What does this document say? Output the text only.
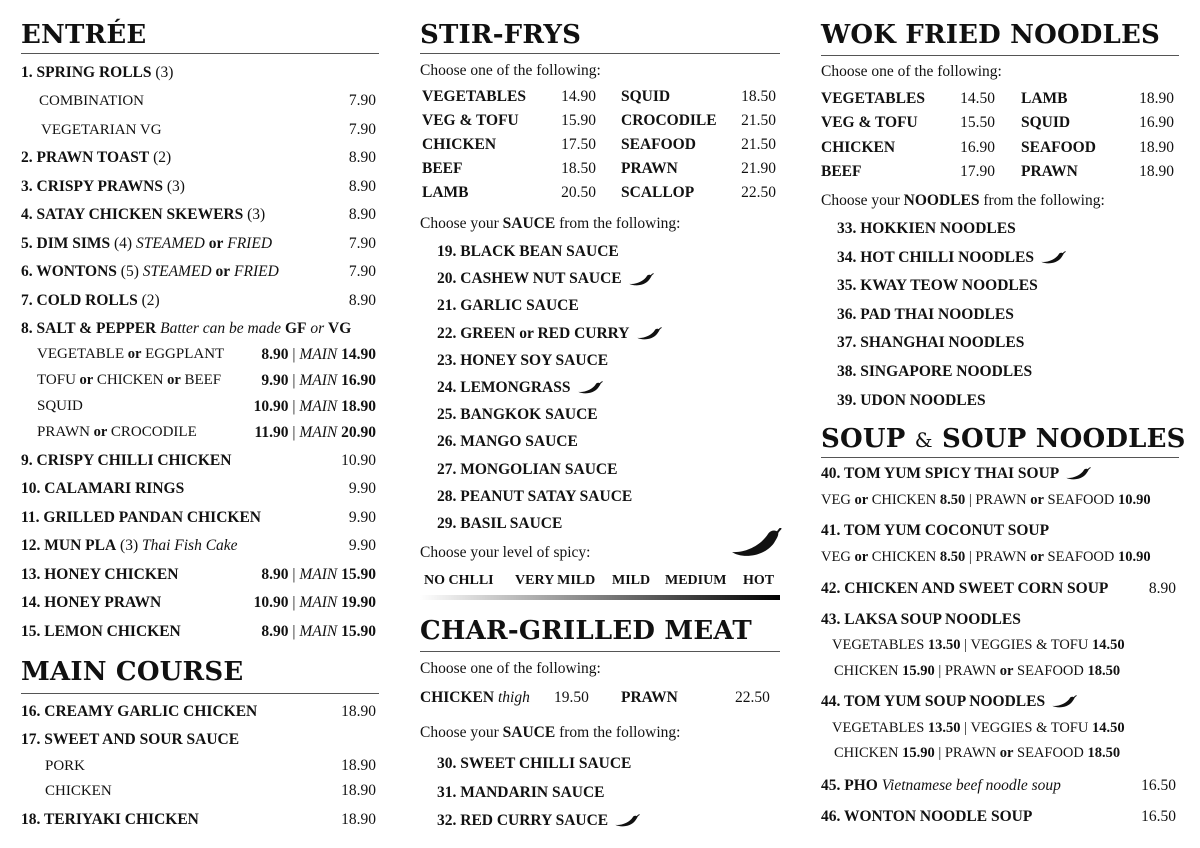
ENTRÉE
MAIN COURSE
STIR-FRYS
Choose one of the following:
Choose your SAUCE from the following:
Choose your level of spicy:
CHAR-GRILLED MEAT
Choose one of the following:
CHICKEN thigh 19.50 PRAWN	22.50
Choose your SAUCE from the following:
WOK FRIED NOODLES
Choose one of the following:
Choose your NOODLES from the following:
SOUP & SOUP NOODLES
1. SPRING ROLLS (3)
COMBINATION	7.90
VEGETARIAN VG	7.90
2. PRAWN TOAST (2)	8.90
3. CRISPY PRAWNS (3)	8.90
4. SATAY CHICKEN SKEWERS (3)	8.90
5. DIM SIMS (4) STEAMED or FRIED	7.90
6. WONTONS (5) STEAMED or FRIED	7.90
7. COLD ROLLS (2)	8.90
8. SALT & PEPPER Batter can be made GF or VG
VEGETABLE or EGGPLANT 8.90 | MAIN 14.90
TOFU or CHICKEN or BEEF	9.90 | MAIN 16.90
SQUID	10.90 | MAIN 18.90
PRAWN or CROCODILE	11.90 | MAIN 20.90
9. CRISPY CHILLI CHICKEN	10.90
10. CALAMARI RINGS	9.90
11. GRILLED PANDAN CHICKEN	9.90
12. MUN PLA (3) Thai Fish Cake	9.90
13. HONEY CHICKEN	8.90 | MAIN 15.90
14. HONEY PRAWN	10.90 | MAIN 19.90
15. LEMON CHICKEN	8.90 | MAIN 15.90
16. CREAMY GARLIC CHICKEN	18.90
17. SWEET AND SOUR SAUCE
PORK	18.90
CHICKEN	18.90
18. TERIYAKI CHICKEN	18.90
VEGETABLES 14.90 SQUID	18.50
VEG & TOFU	15.90 CROCODILE 21.50
CHICKEN	17.50 SEAFOOD	21.50
BEEF	18.50 PRAWN	21.90
LAMB	20.50 SCALLOP	22.50
19. BLACK BEAN SAUCE
20. CASHEW NUT SAUCE
21. GARLIC SAUCE
22. GREEN or RED CURRY
23. HONEY SOY SAUCE
24. LEMONGRASS
25. BANGKOK SAUCE
26. MANGO SAUCE
27. MONGOLIAN SAUCE
28. PEANUT SATAY SAUCE
29. BASIL SAUCE
NO CHLLI VERY MILD MILD MEDIUM HOT
30. SWEET CHILLI SAUCE
31. MANDARIN SAUCE
32. RED CURRY SAUCE
VEGETABLES 14.50 LAMB	18.90
VEG & TOFU	15.50 SQUID	16.90
CHICKEN	16.90 SEAFOOD	18.90
BEEF	17.90 PRAWN	18.90
33. HOKKIEN NOODLES
34. HOT CHILLI NOODLES
35. KWAY TEOW NOODLES
36. PAD THAI NOODLES
37. SHANGHAI NOODLES
38. SINGAPORE NOODLES
39. UDON NOODLES
40. TOM YUM SPICY THAI SOUP
VEG or CHICKEN 8.50 | PRAWN or SEAFOOD 10.90
41. TOM YUM COCONUT SOUP
VEG or CHICKEN 8.50 | PRAWN or SEAFOOD 10.90
42. CHICKEN AND SWEET CORN SOUP	8.90
43. LAKSA SOUP NOODLES
VEGETABLES 13.50 | VEGGIES & TOFU 14.50
CHICKEN 15.90 | PRAWN or SEAFOOD 18.50
44. TOM YUM SOUP NOODLES
VEGETABLES 13.50 | VEGGIES & TOFU 14.50
CHICKEN 15.90 | PRAWN or SEAFOOD 18.50
45. PHO Vietnamese beef noodle soup	16.50
46. WONTON NOODLE SOUP	16.50
